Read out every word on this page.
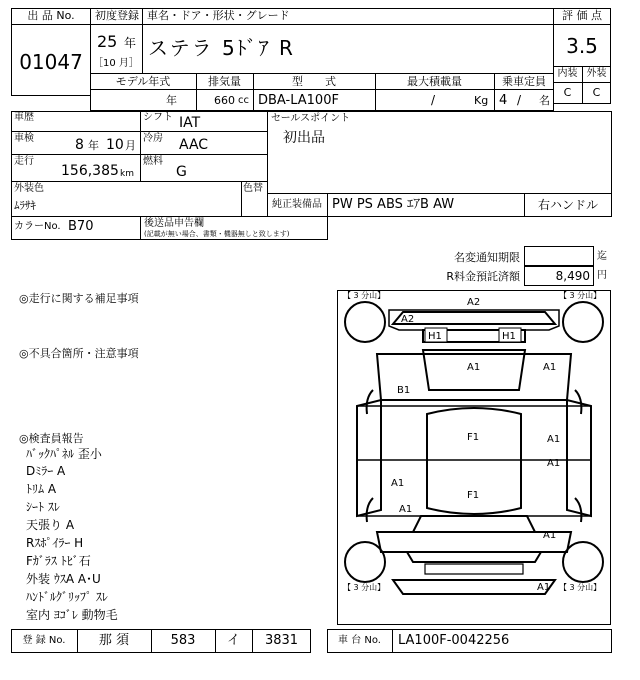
出 品 No.
01047
初度登録 車名・ドア・形状・グレード
25 年
［10 月］
ステラ 5ﾄﾞｱ R
評 価 点
3.5
内装 外装
C	C
モデル年式	排気量	型　　式	最大積載量	乗車定員
年	660 cc DBA-LA100F	/	Kg 4 / 名
車歴	シフト IAT
車検	8 年 10 月
冷房 AAC
走行
156,385 km
燃料
G
外装色
ﾑﾗｻｷ
色替
セールスポイント
初出品
純正装備品 PW PS ABS ｴｱB AW	右ハンドル
カラーNo. B70	後送品申告欄
(記載が無い場合、書類・機器無しと致します)
名変通知期限	迄
R料金預託済額	8,490 円
◎走行に関する補足事項
◎不具合箇所・注意事項
◎検査員報告
ﾊﾞｯｸﾊﾟﾈﾙ 歪小
Dﾐﾗｰ A
ﾄﾘﾑ A
ｼｰﾄ ｽﾚ
天張り A
Rｽﾎﾟｲﾗｰ H
Fｶﾞﾗｽ ﾄﾋﾞ石
外装 ｳｽA A･U
ﾊﾝﾄﾞﾙｸﾞﾘｯﾌﾟ ｽﾚ
室内 ﾖｺﾞﾚ 動物毛
【 3 分山】	【 3 分山】
【 3 分山】	【 3 分山】
A2
A2
H1	H1
A1	A1
B1
F1	A1
A1
A1
F1
A1
A1
A1
登 録 No.	那 須	583	イ	3831	車 台 No.	LA100F-0042256
